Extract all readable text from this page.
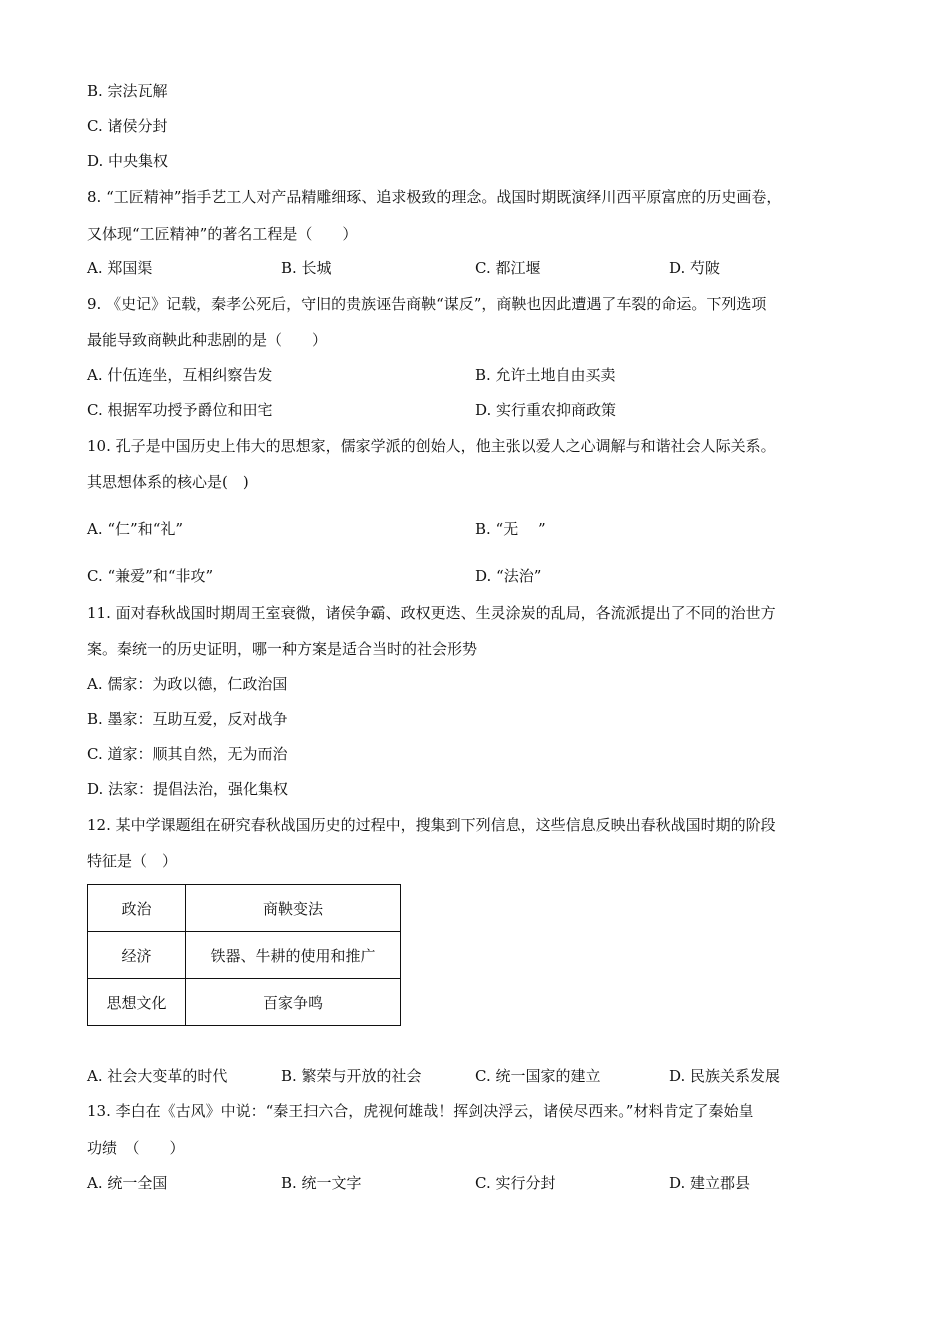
B. 宗法瓦解
C. 诸侯分封
D. 中央集权
8. “工匠精神”指手艺工人对产品精雕细琢、追求极致的理念。战国时期既演绎川西平原富庶的历史画卷，
又体现“工匠精神”的著名工程是（　　）
A. 郑国渠	B. 长城	C. 都江堰	D. 芍陂
9. 《史记》记载，秦孝公死后，守旧的贵族诬告商鞅“谋反”，商鞅也因此遭遇了车裂的命运。下列选项
最能导致商鞅此种悲剧的是（　　）
A. 什伍连坐，互相纠察告发	B. 允许土地自由买卖
C. 根据军功授予爵位和田宅	D. 实行重农抑商政策
10. 孔子是中国历史上伟大的思想家，儒家学派的创始人，他主张以爱人之心调解与和谐社会人际关系。
其思想体系的核心是(　)
A. “仁”和“礼”	B. “无　 ”
C. “兼爱”和“非攻”	D. “法治”
11. 面对春秋战国时期周王室衰微，诸侯争霸、政权更迭、生灵涂炭的乱局，各流派提出了不同的治世方
案。秦统一的历史证明，哪一种方案是适合当时的社会形势
A. 儒家：为政以德，仁政治国
B. 墨家：互助互爱，反对战争
C. 道家：顺其自然，无为而治
D. 法家：提倡法治，强化集权
12. 某中学课题组在研究春秋战国历史的过程中，搜集到下列信息，这些信息反映出春秋战国时期的阶段
特征是（　）
政治	商鞅变法
经济	铁器、牛耕的使用和推广
思想文化	百家争鸣
A. 社会大变革的时代	B. 繁荣与开放的社会	C. 统一国家的建立	D. 民族关系发展
13. 李白在《古风》中说：“秦王扫六合，虎视何雄哉！挥剑决浮云，诸侯尽西来。”材料肯定了秦始皇
功绩　（　　）
A. 统一全国	B. 统一文字	C. 实行分封	D. 建立郡县
